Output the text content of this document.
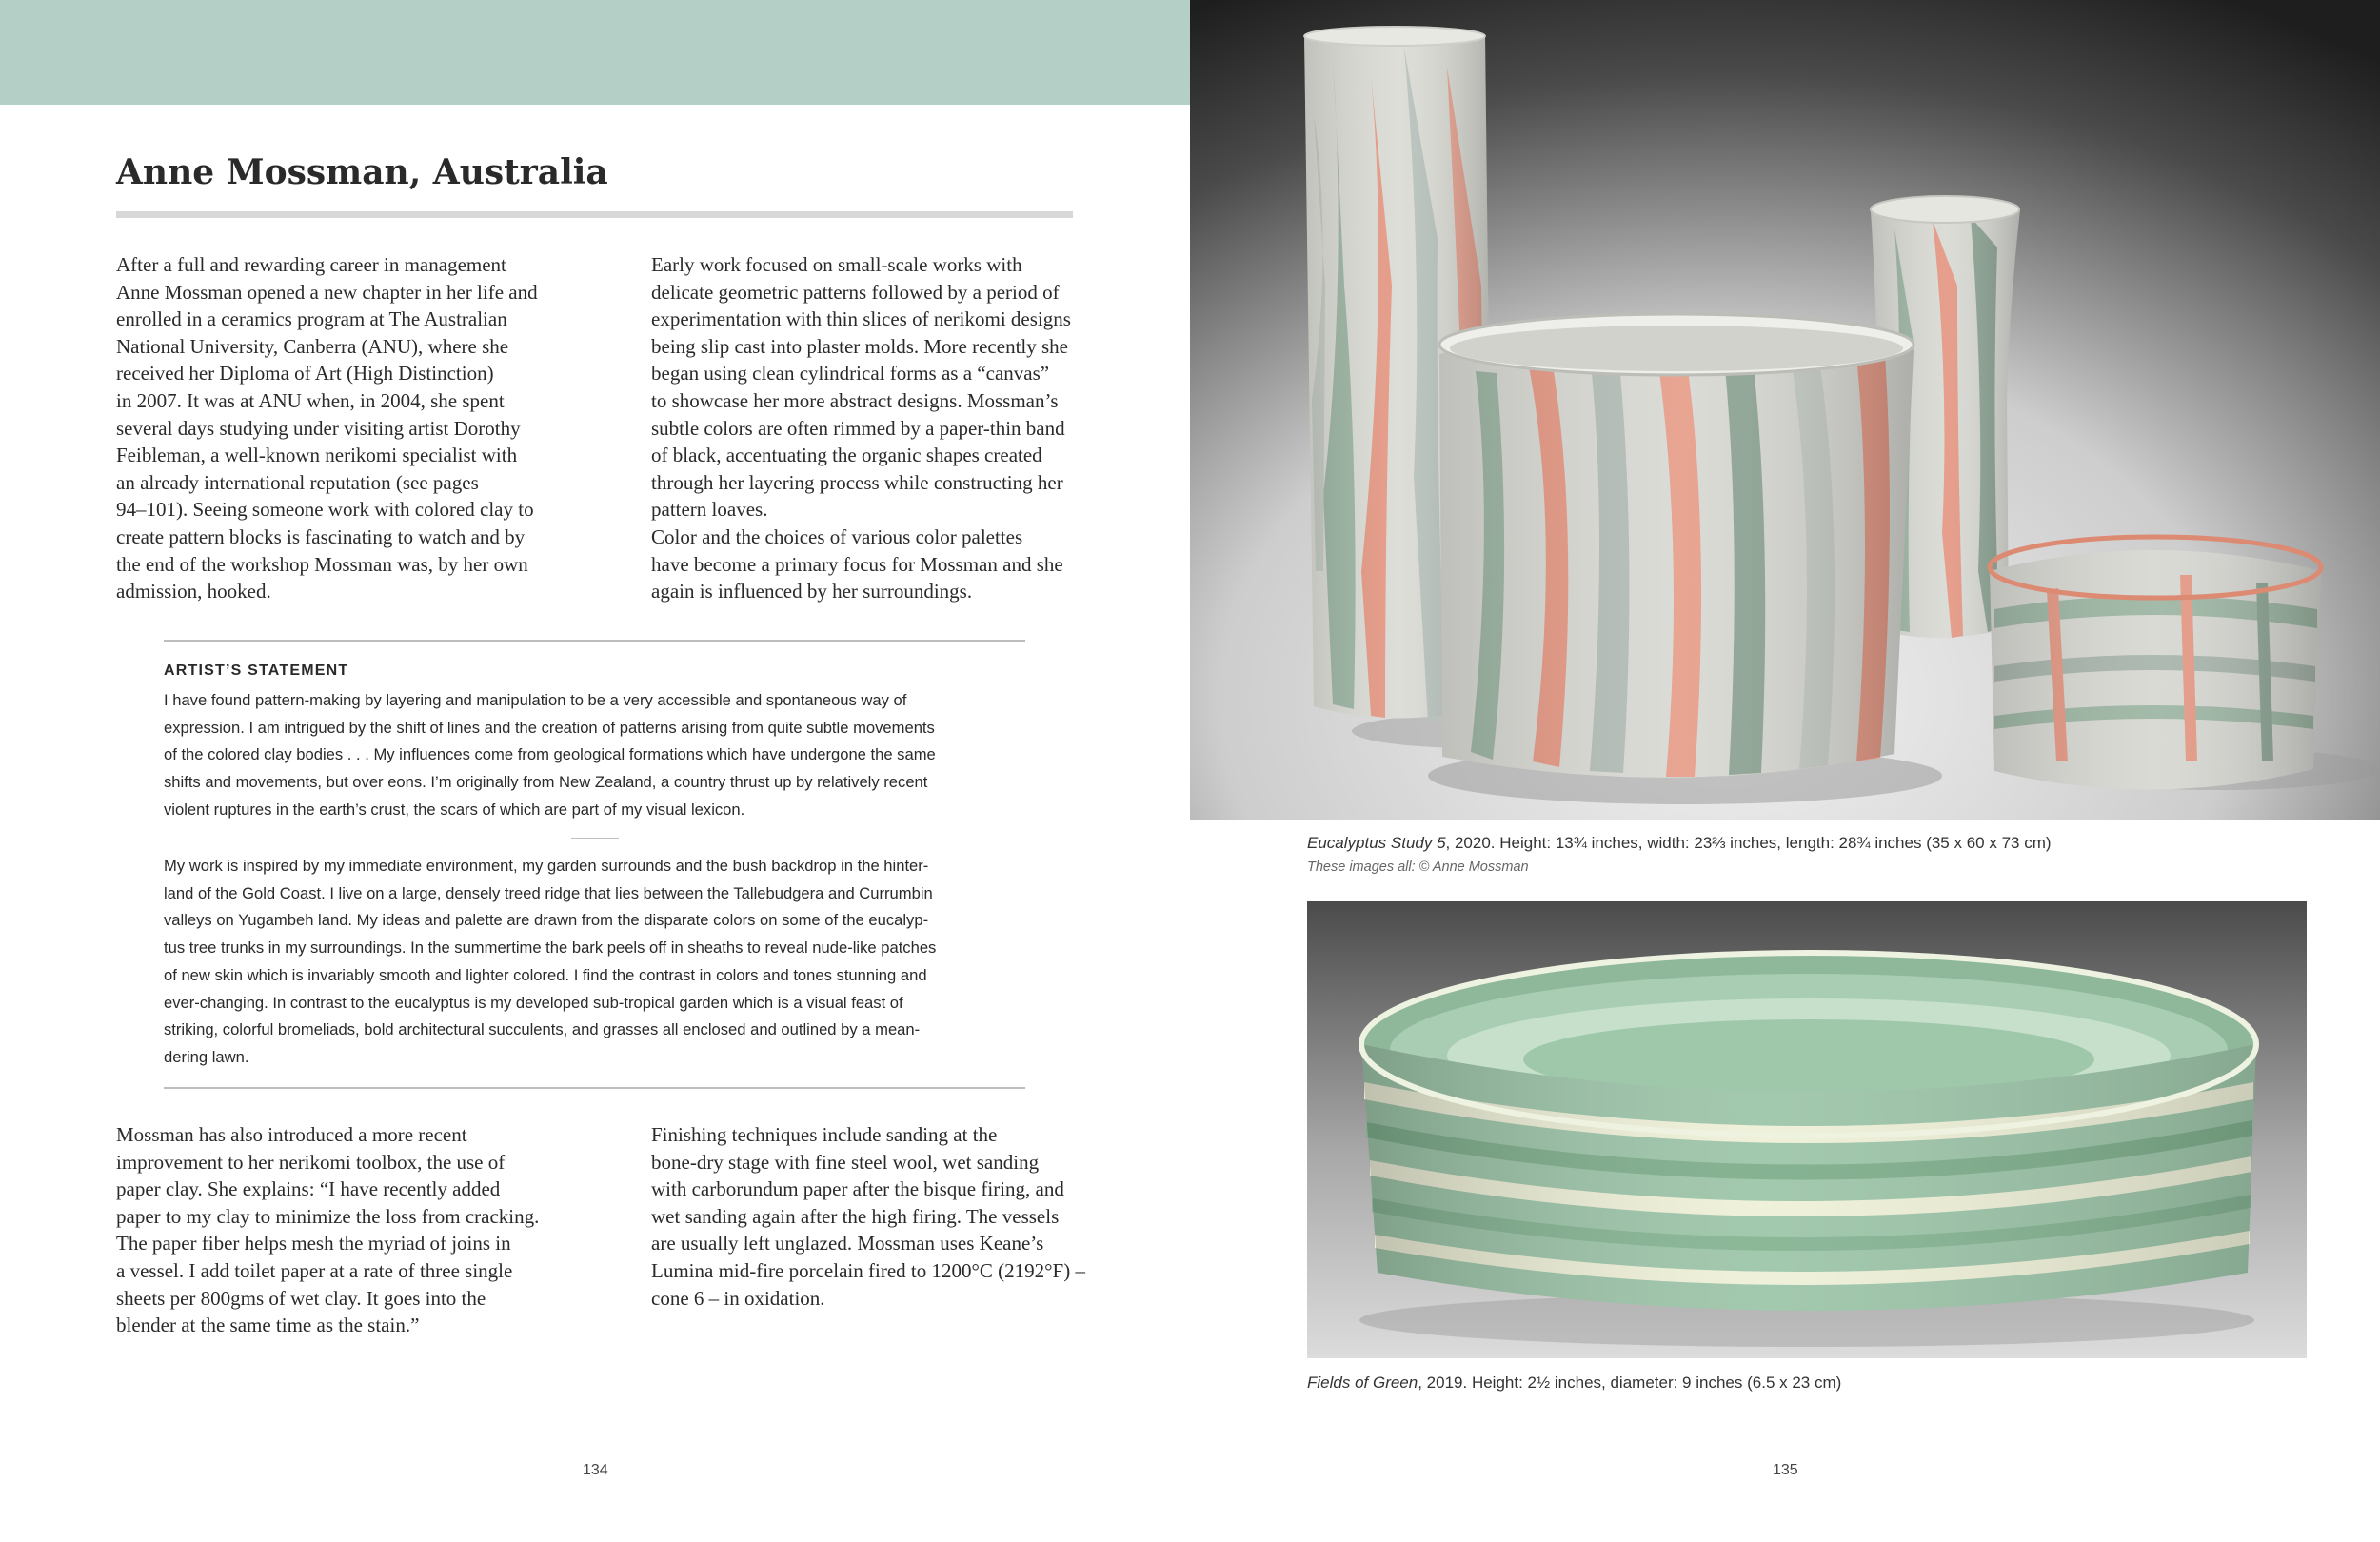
Anne Mossman, Australia

After a full and rewarding career in management
Anne Mossman opened a new chapter in her life and
enrolled in a ceramics program at The Australian
National University, Canberra (ANU), where she
received her Diploma of Art (High Distinction)
in 2007. It was at ANU when, in 2004, she spent
several days studying under visiting artist Dorothy
Feibleman, a well-known nerikomi specialist with
an already international reputation (see pages
94–101). Seeing someone work with colored clay to
create pattern blocks is fascinating to watch and by
the end of the workshop Mossman was, by her own
admission, hooked.

Early work focused on small-scale works with
delicate geometric patterns followed by a period of
experimentation with thin slices of nerikomi designs
being slip cast into plaster molds. More recently she
began using clean cylindrical forms as a “canvas”
to showcase her more abstract designs. Mossman’s
subtle colors are often rimmed by a paper-thin band
of black, accentuating the organic shapes created
through her layering process while constructing her
pattern loaves.

Color and the choices of various color palettes
have become a primary focus for Mossman and she
again is influenced by her surroundings.

ARTIST’S STATEMENT
I have found pattern-making by layering and manipulation to be a very accessible and spontaneous way of
expression. I am intrigued by the shift of lines and the creation of patterns arising from quite subtle movements
of the colored clay bodies . . . My influences come from geological formations which have undergone the same
shifts and movements, but over eons. I’m originally from New Zealand, a country thrust up by relatively recent
violent ruptures in the earth’s crust, the scars of which are part of my visual lexicon.
My work is inspired by my immediate environment, my garden surrounds and the bush backdrop in the hinter-
land of the Gold Coast. I live on a large, densely treed ridge that lies between the Tallebudgera and Currumbin
valleys on Yugambeh land. My ideas and palette are drawn from the disparate colors on some of the eucalyp-
tus tree trunks in my surroundings. In the summertime the bark peels off in sheaths to reveal nude-like patches
of new skin which is invariably smooth and lighter colored. I find the contrast in colors and tones stunning and
ever-changing. In contrast to the eucalyptus is my developed sub-tropical garden which is a visual feast of
striking, colorful bromeliads, bold architectural succulents, and grasses all enclosed and outlined by a mean-
dering lawn.

Mossman has also introduced a more recent
improvement to her nerikomi toolbox, the use of
paper clay. She explains: “I have recently added
paper to my clay to minimize the loss from cracking.
The paper fiber helps mesh the myriad of joins in
a vessel. I add toilet paper at a rate of three single
sheets per 800gms of wet clay. It goes into the
blender at the same time as the stain.”

Finishing techniques include sanding at the
bone-dry stage with fine steel wool, wet sanding
with carborundum paper after the bisque firing, and
wet sanding again after the high firing. The vessels
are usually left unglazed. Mossman uses Keane’s
Lumina mid-fire porcelain fired to 1200°C (2192°F) –
cone 6 – in oxidation.

134
Eucalyptus Study 5, 2020. Height: 13¾ inches, width: 23⅔ inches, length: 28¾ inches (35 x 60 x 73 cm)
These images all: © Anne Mossman
Fields of Green, 2019. Height: 2½ inches, diameter: 9 inches (6.5 x 23 cm)
135
